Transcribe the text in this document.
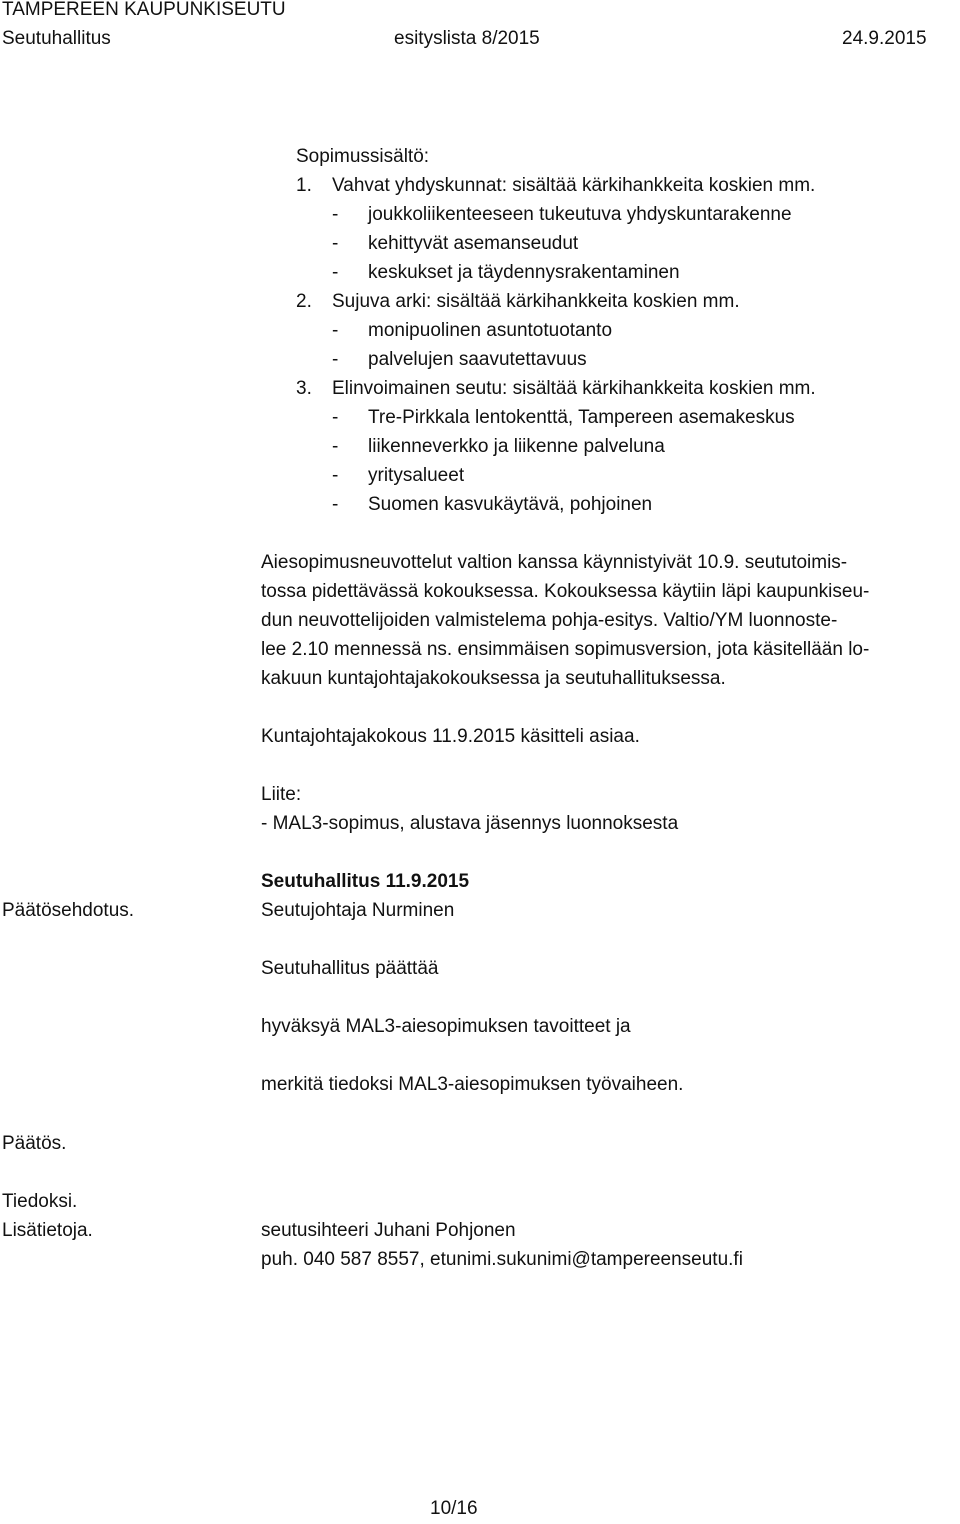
TAMPEREEN KAUPUNKISEUTU
Seutuhallitus	esityslista 8/2015	24.9.2015
Sopimussisältö:
1. Vahvat yhdyskunnat: sisältää kärkihankkeita koskien mm.
- joukkoliikenteeseen tukeutuva yhdyskuntarakenne
- kehittyvät asemanseudut
- keskukset ja täydennysrakentaminen
2. Sujuva arki: sisältää kärkihankkeita koskien mm.
- monipuolinen asuntotuotanto
- palvelujen saavutettavuus
3. Elinvoimainen seutu: sisältää kärkihankkeita koskien mm.
- Tre-Pirkkala lentokenttä, Tampereen asemakeskus
- liikenneverkko ja liikenne palveluna
- yritysalueet
- Suomen kasvukäytävä, pohjoinen
Aiesopimusneuvottelut valtion kanssa käynnistyivät 10.9. seututoimis-
tossa pidettävässä kokouksessa. Kokouksessa käytiin läpi kaupunkiseu-
dun neuvottelijoiden valmistelema pohja-esitys. Valtio/YM luonnoste-
lee 2.10 mennessä ns. ensimmäisen sopimusversion, jota käsitellään lo-
kakuun kuntajohtajakokouksessa ja seutuhallituksessa.
Kuntajohtajakokous 11.9.2015 käsitteli asiaa.
Liite:
- MAL3-sopimus, alustava jäsennys luonnoksesta
Seutuhallitus 11.9.2015
Päätösehdotus.	Seutujohtaja Nurminen
Seutuhallitus päättää
hyväksyä MAL3-aiesopimuksen tavoitteet ja
merkitä tiedoksi MAL3-aiesopimuksen työvaiheen.
Päätös.
Tiedoksi.
Lisätietoja.	seutusihteeri Juhani Pohjonen
puh. 040 587 8557, etunimi.sukunimi@tampereenseutu.fi
10/16
